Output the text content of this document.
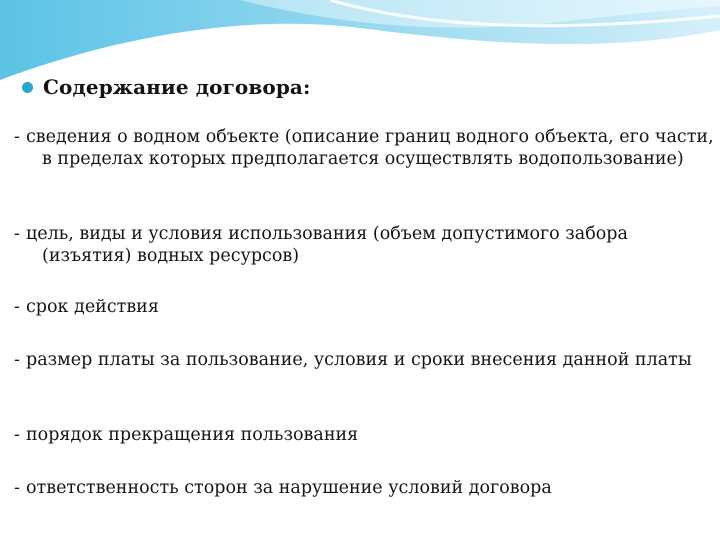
Содержание договора:
- сведения о водном объекте (описание границ водного объекта, его части, в пределах которых предполагается осуществлять водопользование)
- цель, виды и условия использования (объем допустимого забора (изъятия) водных ресурсов)
- срок действия
- размер платы за пользование, условия и сроки внесения данной платы
- порядок прекращения пользования
- ответственность сторон за нарушение условий договора
